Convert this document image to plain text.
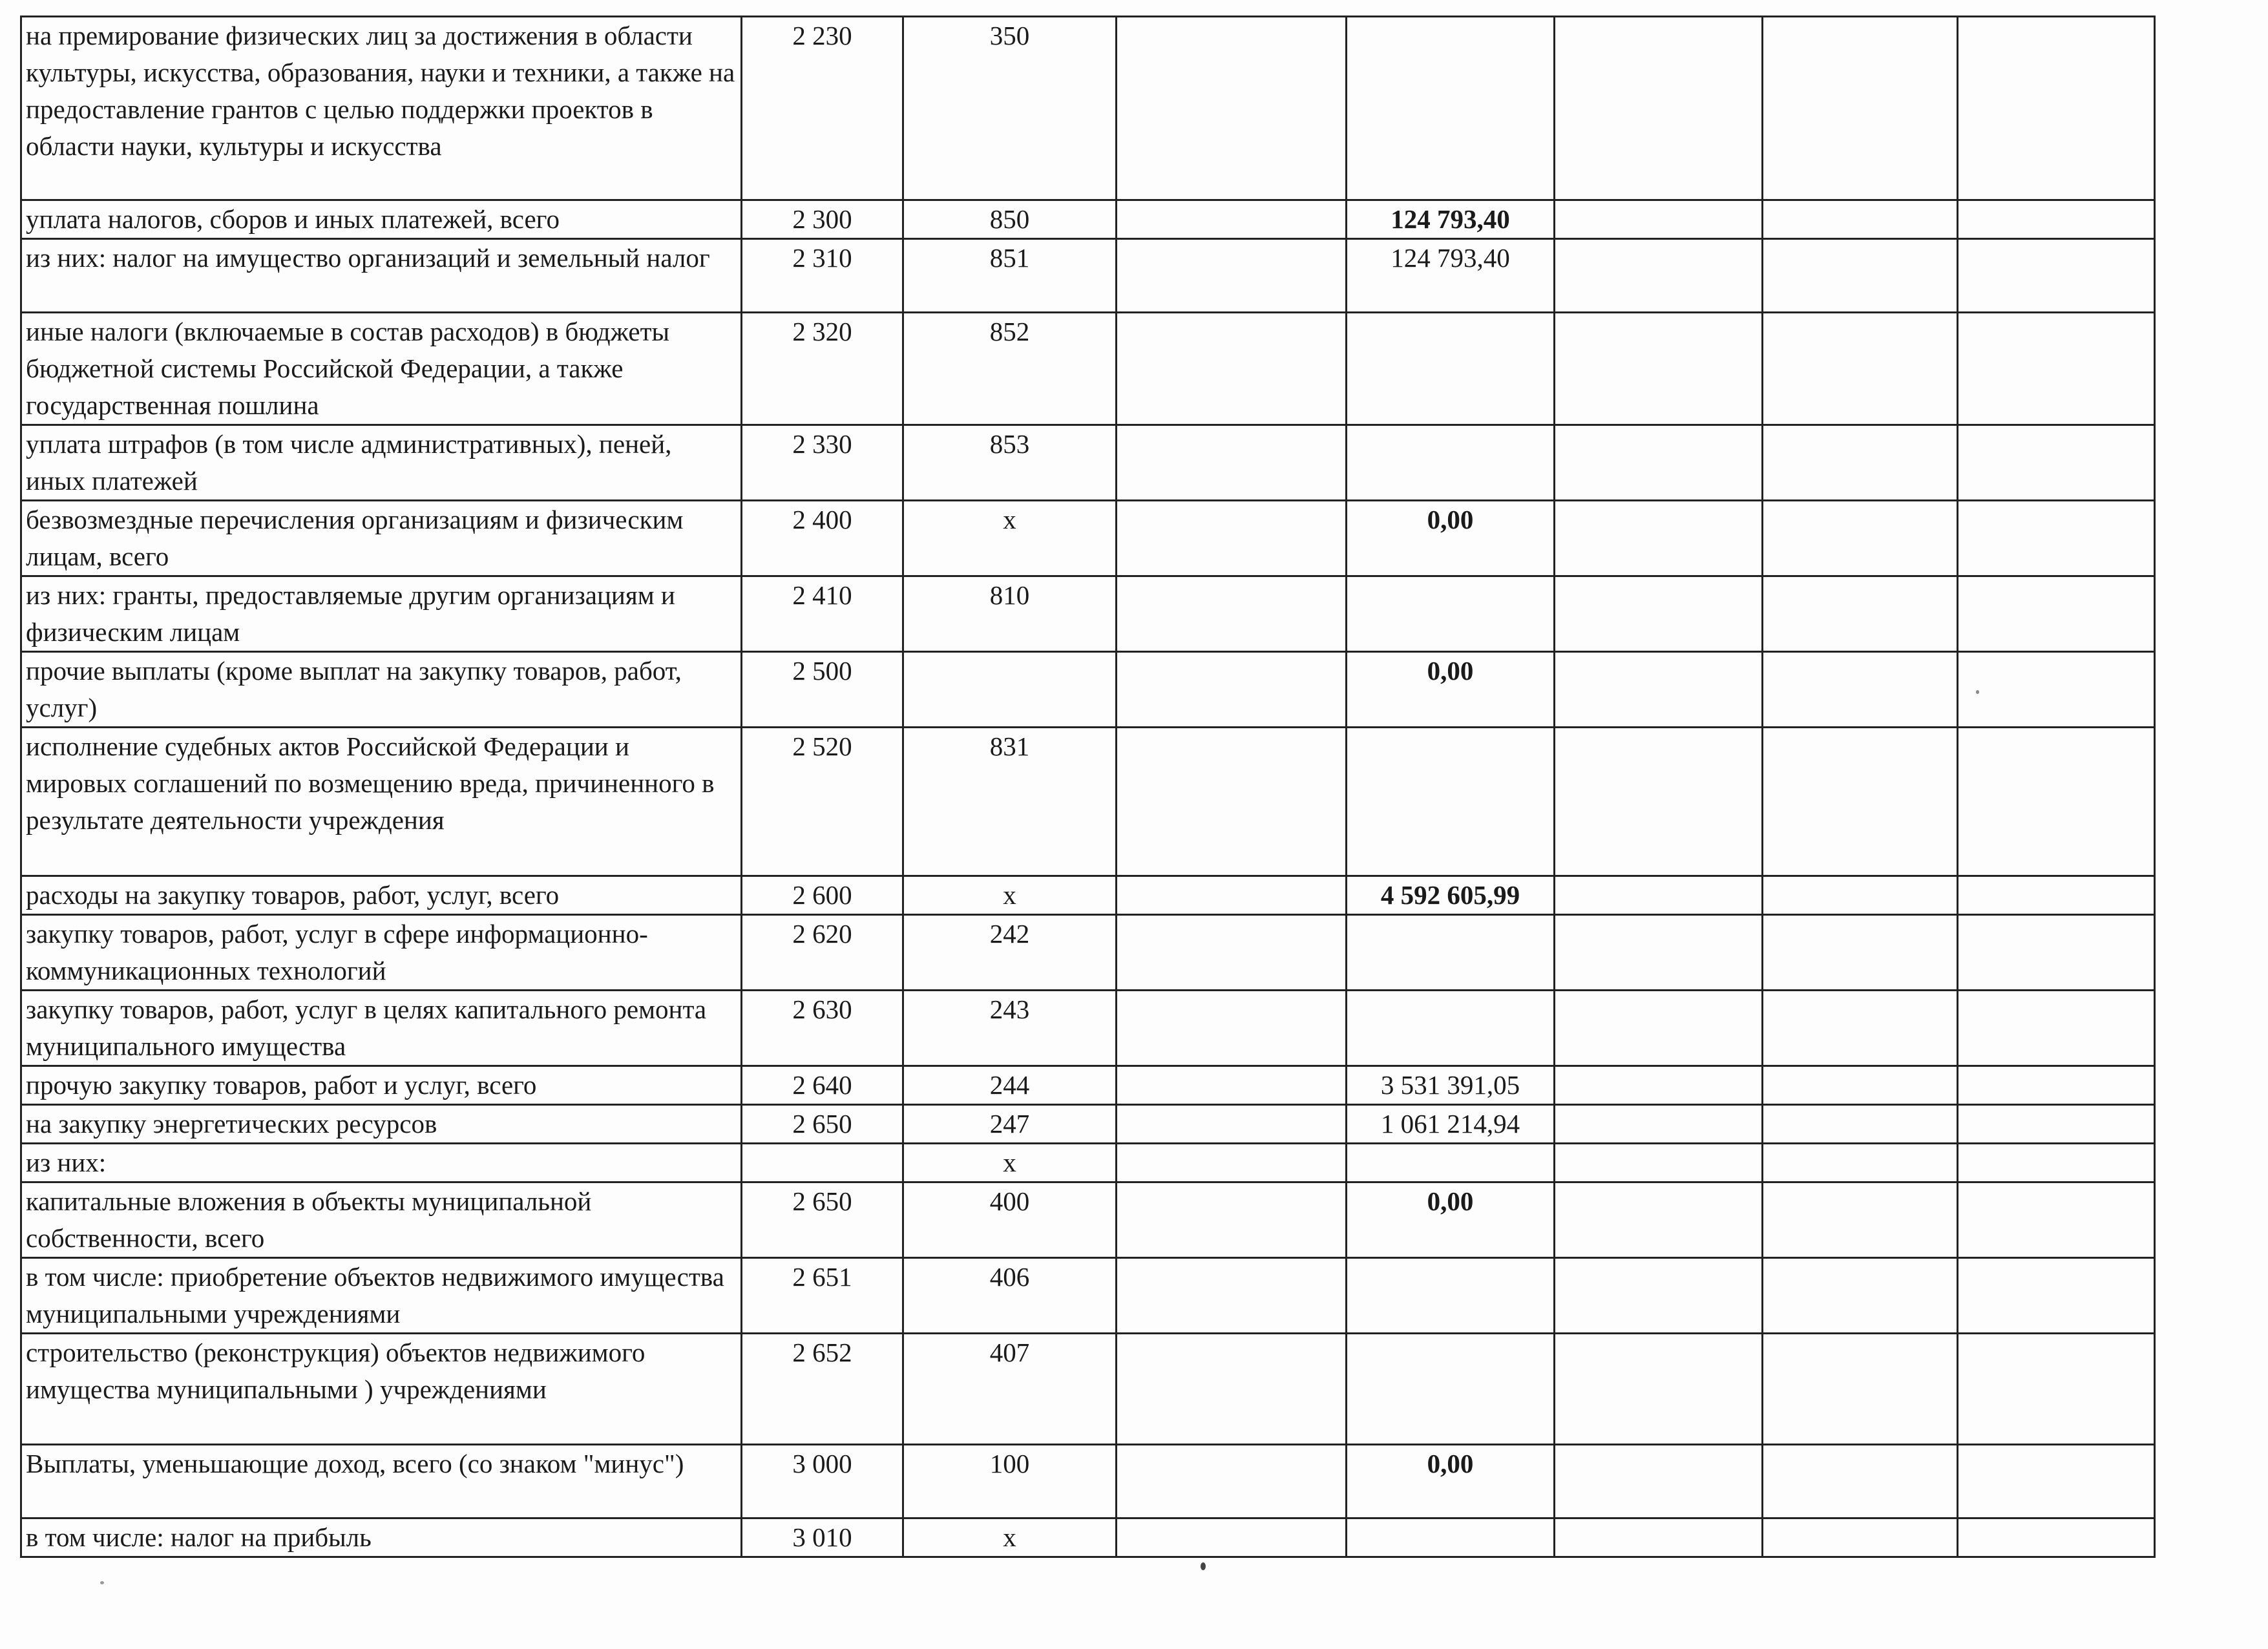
на премирование физических лиц за достижения в области культуры, искусства, образования, науки и техники, а также на предоставление грантов с целью поддержки проектов в области науки, культуры и искусства	2 230	350					
уплата налогов, сборов и иных платежей, всего	2 300	850		124 793,40			
из них: налог на имущество организаций и земельный налог	2 310	851		124 793,40			
иные налоги (включаемые в состав расходов) в бюджеты бюджетной системы Российской Федерации, а также государственная пошлина	2 320	852					
уплата штрафов (в том числе административных), пеней, иных платежей	2 330	853					
безвозмездные перечисления организациям и физическим лицам, всего	2 400	х		0,00			
из них: гранты, предоставляемые другим организациям и физическим лицам	2 410	810					
прочие выплаты (кроме выплат на закупку товаров, работ, услуг)	2 500			0,00			
исполнение судебных актов Российской Федерации и мировых соглашений по возмещению вреда, причиненного в результате деятельности учреждения	2 520	831					
расходы на закупку товаров, работ, услуг, всего	2 600	х		4 592 605,99			
закупку товаров, работ, услуг в сфере информационно-коммуникационных технологий	2 620	242					
закупку товаров, работ, услуг в целях капитального ремонта муниципального имущества	2 630	243					
прочую закупку товаров, работ и услуг, всего	2 640	244		3 531 391,05			
на закупку энергетических ресурсов	2 650	247		1 061 214,94			
из них:		х					
капитальные вложения в объекты муниципальной собственности, всего	2 650	400		0,00			
в том числе: приобретение объектов недвижимого имущества муниципальными учреждениями	2 651	406					
строительство (реконструкция) объектов недвижимого имущества муниципальными ) учреждениями	2 652	407					
Выплаты, уменьшающие доход, всего (со знаком "минус")	3 000	100		0,00			
в том числе: налог на прибыль	3 010	х					
